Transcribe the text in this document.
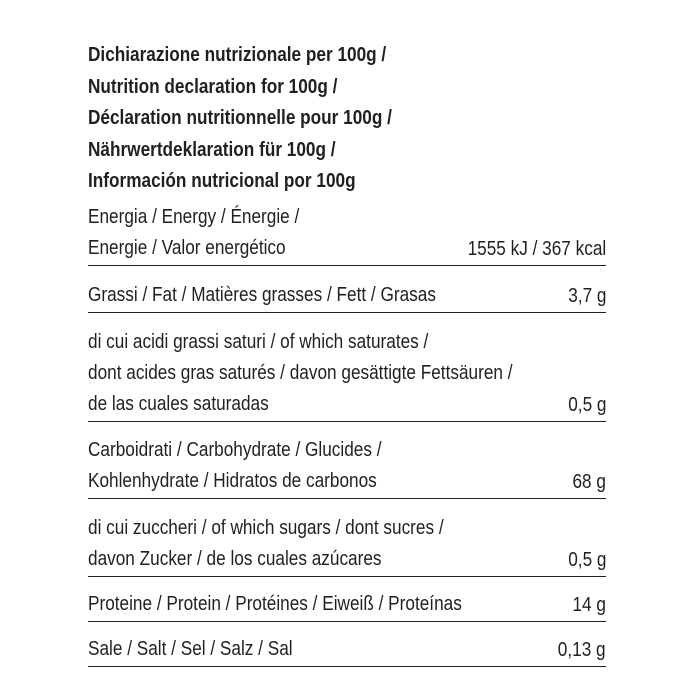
Dichiarazione nutrizionale per 100g /
Nutrition declaration for 100g /
Déclaration nutritionnelle pour 100g /
Nährwertdeklaration für 100g /
Información nutricional por 100g
Energia / Energy / Énergie /
Energie / Valor energético	1555 kJ / 367 kcal
Grassi / Fat / Matières grasses / Fett / Grasas	3,7 g
di cui acidi grassi saturi / of which saturates /
dont acides gras saturés / davon gesättigte Fettsäuren /
de las cuales saturadas	0,5 g
Carboidrati / Carbohydrate / Glucides /
Kohlenhydrate / Hidratos de carbonos	68 g
di cui zuccheri / of which sugars / dont sucres /
davon Zucker / de los cuales azúcares	0,5 g
Proteine / Protein / Protéines / Eiweiß / Proteínas	14 g
Sale / Salt / Sel / Salz / Sal	0,13 g
